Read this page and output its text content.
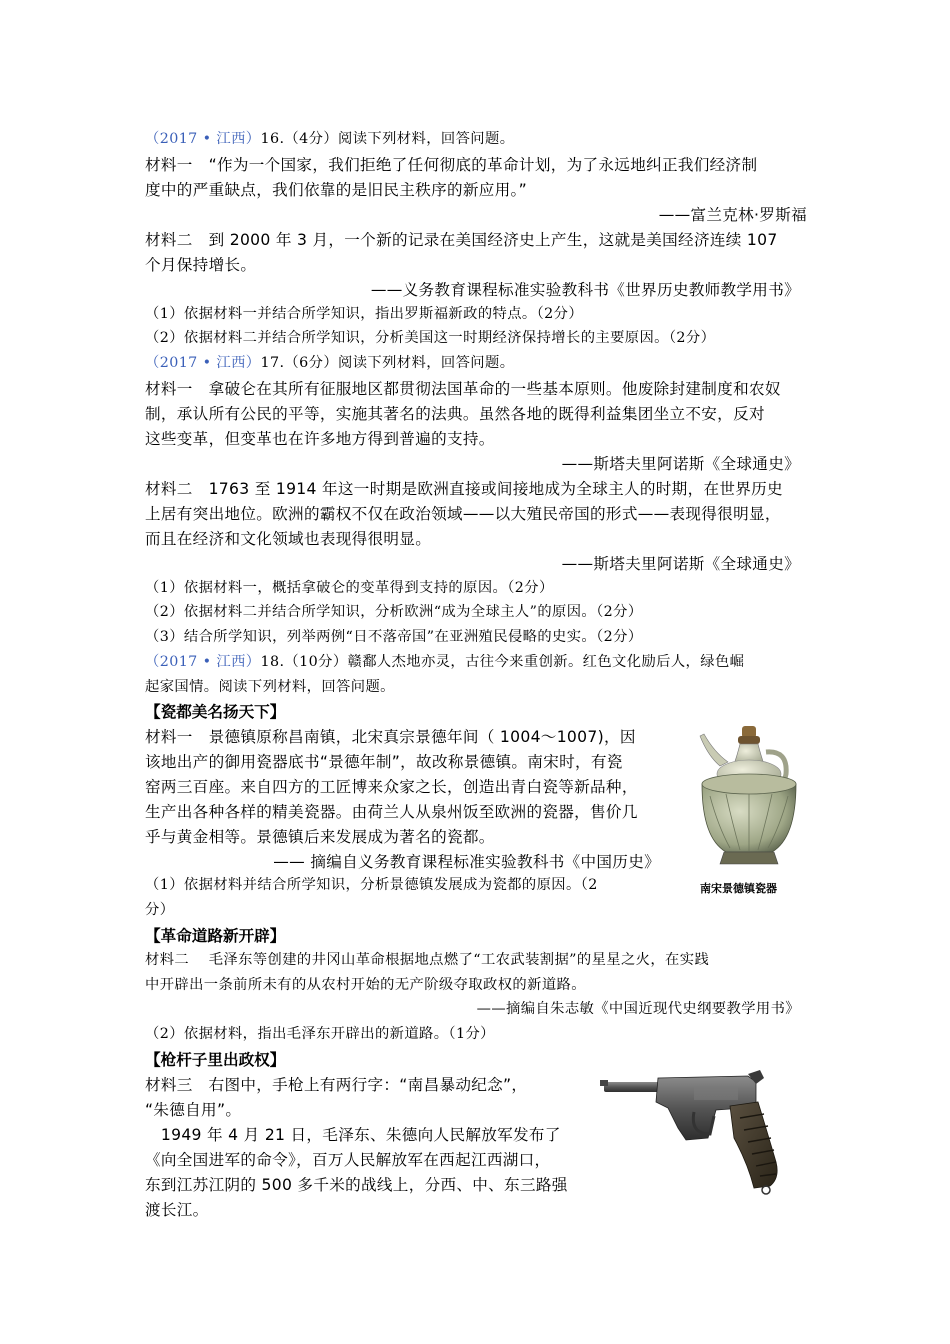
（2017 • 江西）16.（4分）阅读下列材料，回答问题。
材料一　“作为一个国家，我们拒绝了任何彻底的革命计划，为了永远地纠正我们经济制
度中的严重缺点，我们依靠的是旧民主秩序的新应用。”
——富兰克林·罗斯福
材料二　到 2000 年 3 月，一个新的记录在美国经济史上产生，这就是美国经济连续 107
个月保持增长。
——义务教育课程标准实验教科书《世界历史教师教学用书》
（1）依据材料一并结合所学知识，指出罗斯福新政的特点。（2分）
（2）依据材料二并结合所学知识，分析美国这一时期经济保持增长的主要原因。（2分）
（2017 • 江西）17.（6分）阅读下列材料，回答问题。
材料一　拿破仑在其所有征服地区都贯彻法国革命的一些基本原则。他废除封建制度和农奴
制，承认所有公民的平等，实施其著名的法典。虽然各地的既得利益集团坐立不安，反对
这些变革，但变革也在许多地方得到普遍的支持。
——斯塔夫里阿诺斯《全球通史》
材料二　1763 至 1914 年这一时期是欧洲直接或间接地成为全球主人的时期，在世界历史
上居有突出地位。欧洲的霸权不仅在政治领域——以大殖民帝国的形式——表现得很明显，
而且在经济和文化领域也表现得很明显。
——斯塔夫里阿诺斯《全球通史》
（1）依据材料一，概括拿破仑的变革得到支持的原因。（2分）
（2）依据材料二并结合所学知识，分析欧洲“成为全球主人”的原因。（2分）
（3）结合所学知识，列举两例“日不落帝国”在亚洲殖民侵略的史实。（2分）
（2017 • 江西）18.（10分）赣鄱人杰地亦灵，古往今来重创新。红色文化励后人，绿色崛
起家国情。阅读下列材料，回答问题。
【瓷都美名扬天下】
材料一　景德镇原称昌南镇，北宋真宗景德年间（ 1004～1007)，因
该地出产的御用瓷器底书“景德年制”，故改称景德镇。南宋时，有瓷
窑两三百座。来自四方的工匠博来众家之长，创造出青白瓷等新品种，
生产出各种各样的精美瓷器。由荷兰人从泉州饭至欧洲的瓷器，售价几
乎与黄金相等。景德镇后来发展成为著名的瓷都。
—— 摘编自义务教育课程标准实验教科书《中国历史》
（1）依据材料并结合所学知识，分析景德镇发展成为瓷都的原因。（2
分）
南宋景德镇瓷器
【革命道路新开辟】
材料二　 毛泽东等创建的井冈山革命根据地点燃了“工农武装割据”的星星之火，在实践
中开辟出一条前所未有的从农村开始的无产阶级夺取政权的新道路。
——摘编自朱志敏《中国近现代史纲要教学用书》
（2）依据材料，指出毛泽东开辟出的新道路。（1分）
【枪杆子里出政权】
材料三　右图中，手枪上有两行字：“南昌暴动纪念”，
“朱德自用”。
　1949 年 4 月 21 日，毛泽东、朱德向人民解放军发布了
《向全国进军的命令》，百万人民解放军在西起江西湖口，
东到江苏江阴的 500 多千米的战线上，分西、中、东三路强
渡长江。
